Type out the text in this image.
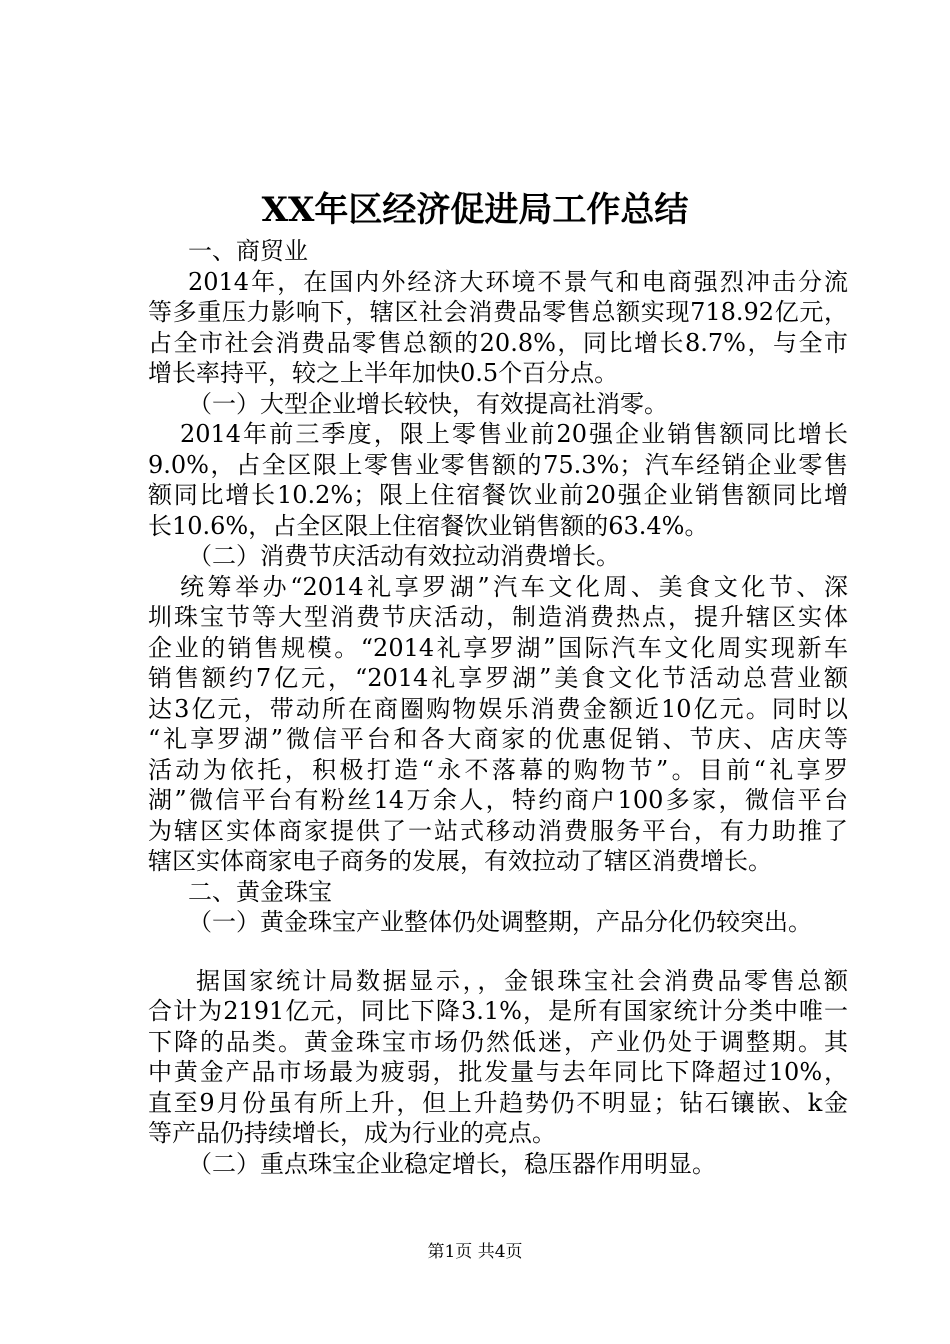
XX年区经济促进局工作总结
一、商贸业
2014年，在国内外经济大环境不景气和电商强烈冲击分流
等多重压力影响下，辖区社会消费品零售总额实现718.92亿元，
占全市社会消费品零售总额的20.8%，同比增长8.7%，与全市
增长率持平，较之上半年加快0.5个百分点。
（一）大型企业增长较快，有效提高社消零。
2014年前三季度，限上零售业前20强企业销售额同比增长
9.0%，占全区限上零售业零售额的75.3%；汽车经销企业零售
额同比增长10.2%；限上住宿餐饮业前20强企业销售额同比增
长10.6%，占全区限上住宿餐饮业销售额的63.4%。
（二）消费节庆活动有效拉动消费增长。
统筹举办“2014礼享罗湖”汽车文化周、美食文化节、深
圳珠宝节等大型消费节庆活动，制造消费热点，提升辖区实体
企业的销售规模。“2014礼享罗湖”国际汽车文化周实现新车
销售额约7亿元，“2014礼享罗湖”美食文化节活动总营业额
达3亿元，带动所在商圈购物娱乐消费金额近10亿元。同时以
“礼享罗湖”微信平台和各大商家的优惠促销、节庆、店庆等
活动为依托，积极打造“永不落幕的购物节”。目前“礼享罗
湖”微信平台有粉丝14万余人，特约商户100多家，微信平台
为辖区实体商家提供了一站式移动消费服务平台，有力助推了
辖区实体商家电子商务的发展，有效拉动了辖区消费增长。
二、黄金珠宝
（一）黄金珠宝产业整体仍处调整期，产品分化仍较突出。
据国家统计局数据显示，，金银珠宝社会消费品零售总额
合计为2191亿元，同比下降3.1%，是所有国家统计分类中唯一
下降的品类。黄金珠宝市场仍然低迷，产业仍处于调整期。其
中黄金产品市场最为疲弱，批发量与去年同比下降超过10%，
直至9月份虽有所上升，但上升趋势仍不明显；钻石镶嵌、k金
等产品仍持续增长，成为行业的亮点。
（二）重点珠宝企业稳定增长，稳压器作用明显。
第1页 共4页
